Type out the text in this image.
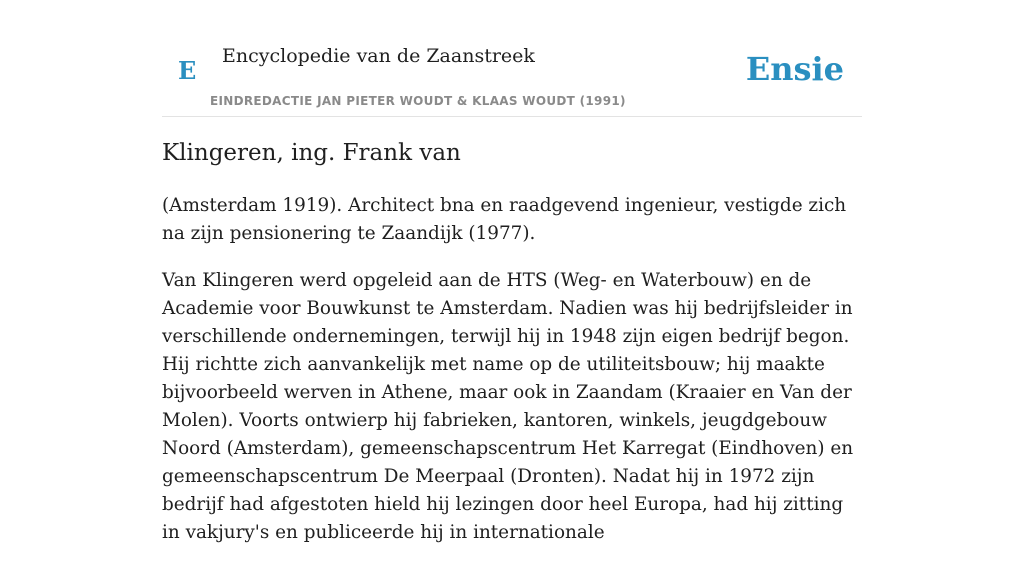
E Encyclopedie van de Zaanstreek
EINDREDACTIE JAN PIETER WOUDT & KLAAS WOUDT (1991)
Ensie
Klingeren, ing. Frank van

(Amsterdam 1919). Architect bna en raadgevend ingenieur, vestigde zich na zijn pensionering te Zaandijk (1977).

Van Klingeren werd opgeleid aan de HTS (Weg- en Waterbouw) en de Academie voor Bouwkunst te Amsterdam. Nadien was hij bedrijfsleider in verschillende ondernemingen, terwijl hij in 1948 zijn eigen bedrijf begon. Hij richtte zich aanvankelijk met name op de utiliteitsbouw; hij maakte bijvoorbeeld werven in Athene, maar ook in Zaandam (Kraaier en Van der Molen). Voorts ontwierp hij fabrieken, kantoren, winkels, jeugdgebouw Noord (Amsterdam), gemeenschapscentrum Het Karregat (Eindhoven) en gemeenschapscentrum De Meerpaal (Dronten). Nadat hij in 1972 zijn bedrijf had afgestoten hield hij lezingen door heel Europa, had hij zitting in vakjury's en publiceerde hij in internationale
